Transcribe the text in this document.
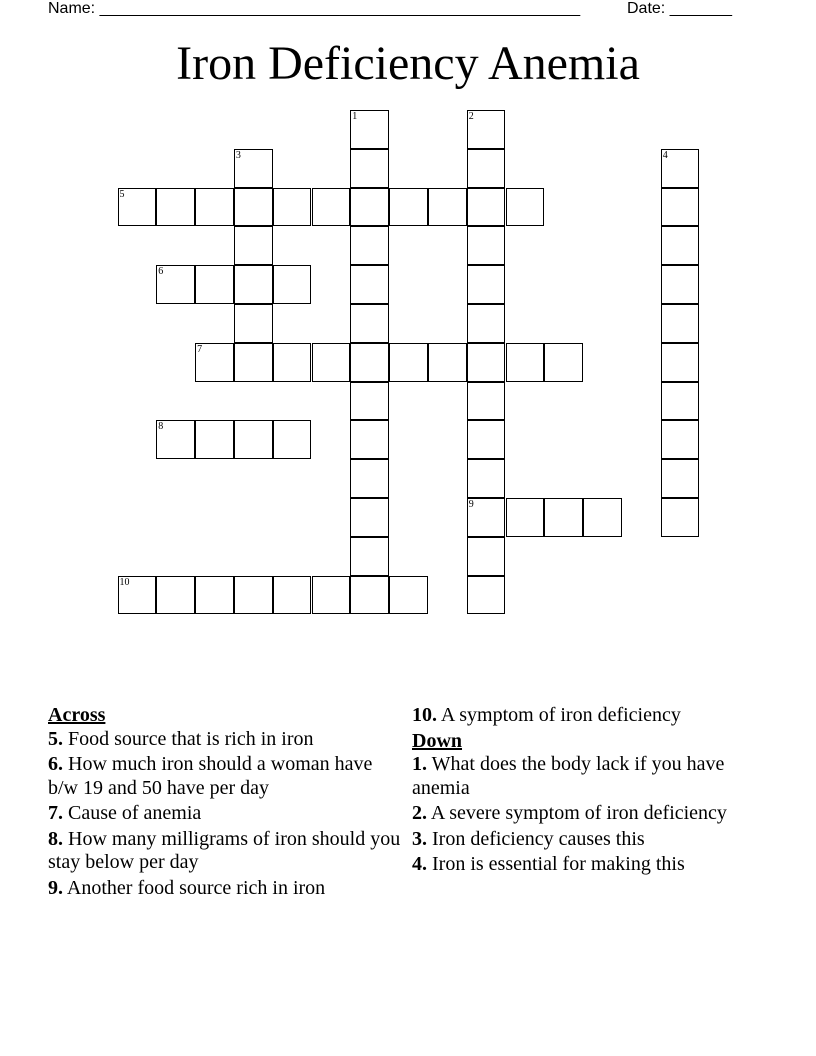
Name: ______________________________________________________	Date: _______
Iron Deficiency Anemia
1	2
9
3	4
5
6
7
8
10
Across
5. Food source that is rich in iron
6. How much iron should a woman have b/w 19 and 50 have per day
7. Cause of anemia
8. How many milligrams of iron should you stay below per day
9. Another food source rich in iron
10. A symptom of iron deficiency
Down
1. What does the body lack if you have anemia
2. A severe symptom of iron deficiency
3. Iron deficiency causes this
4. Iron is essential for making this
